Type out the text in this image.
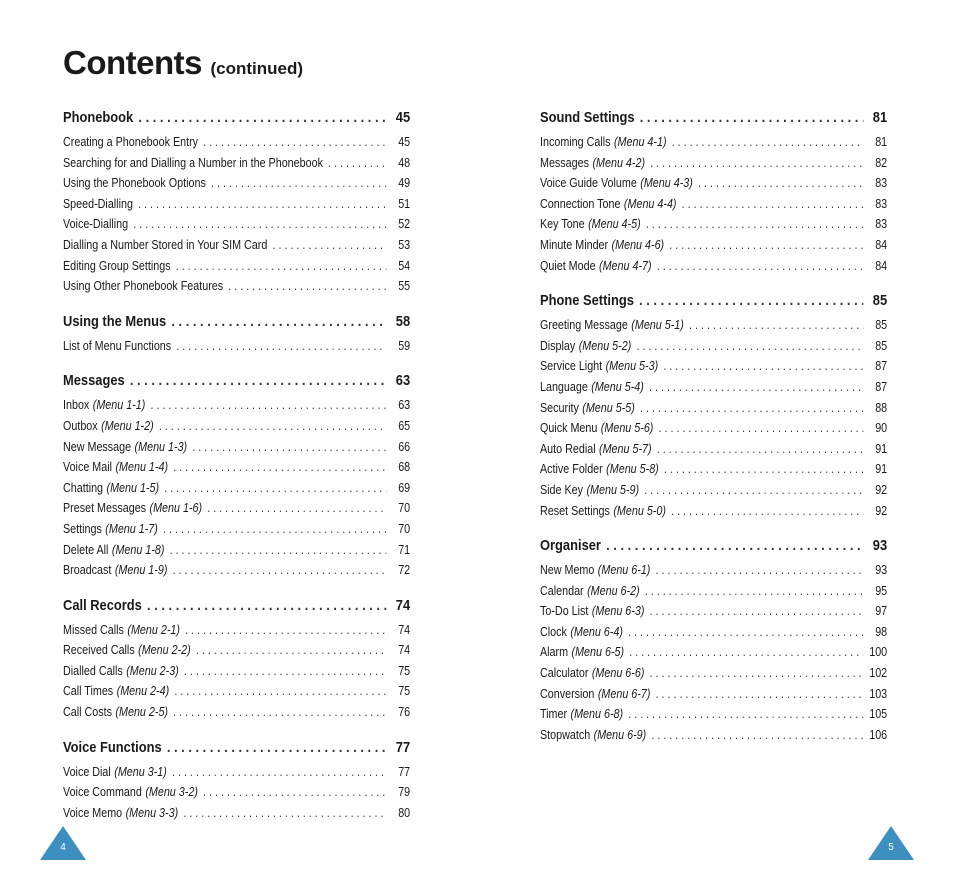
Contents (continued)
Phonebook . . .	45
Creating a Phonebook Entry . . .	45
Searching for and Dialling a Number in the Phonebook . . .	48
Using the Phonebook Options . . .	49
Speed-Dialling . . .	51
Voice-Dialling . . .	52
Dialling a Number Stored in Your SIM Card . . .	53
Editing Group Settings . . .	54
Using Other Phonebook Features . . .	55
Using the Menus . . .	58
List of Menu Functions . . .	59
Messages . . .	63
Inbox (Menu 1-1) . . .	63
Outbox (Menu 1-2) . . .	65
New Message (Menu 1-3) . . .	66
Voice Mail (Menu 1-4) . . .	68
Chatting (Menu 1-5) . . .	69
Preset Messages (Menu 1-6) . . .	70
Settings (Menu 1-7) . . .	70
Delete All (Menu 1-8) . . .	71
Broadcast (Menu 1-9) . . .	72
Call Records . . .	74
Missed Calls (Menu 2-1) . . .	74
Received Calls (Menu 2-2) . . .	74
Dialled Calls (Menu 2-3) . . .	75
Call Times (Menu 2-4) . . .	75
Call Costs (Menu 2-5) . . .	76
Voice Functions . . .	77
Voice Dial (Menu 3-1) . . .	77
Voice Command (Menu 3-2) . . .	79
Voice Memo (Menu 3-3) . . .	80
Sound Settings . . .	81
Incoming Calls (Menu 4-1) . . .	81
Messages (Menu 4-2) . . .	82
Voice Guide Volume (Menu 4-3) . . .	83
Connection Tone (Menu 4-4) . . .	83
Key Tone (Menu 4-5) . . .	83
Minute Minder (Menu 4-6) . . .	84
Quiet Mode (Menu 4-7) . . .	84
Phone Settings . . .	85
Greeting Message (Menu 5-1) . . .	85
Display (Menu 5-2) . . .	85
Service Light (Menu 5-3) . . .	87
Language (Menu 5-4) . . .	87
Security (Menu 5-5) . . .	88
Quick Menu (Menu 5-6) . . .	90
Auto Redial (Menu 5-7) . . .	91
Active Folder (Menu 5-8) . . .	91
Side Key (Menu 5-9) . . .	92
Reset Settings (Menu 5-0) . . .	92
Organiser . . .	93
New Memo (Menu 6-1) . . .	93
Calendar (Menu 6-2) . . .	95
To-Do List (Menu 6-3) . . .	97
Clock (Menu 6-4) . . .	98
Alarm (Menu 6-5) . . .	100
Calculator (Menu 6-6) . . .	102
Conversion (Menu 6-7) . . .	103
Timer (Menu 6-8) . . .	105
Stopwatch (Menu 6-9) . . .	106
4	5
